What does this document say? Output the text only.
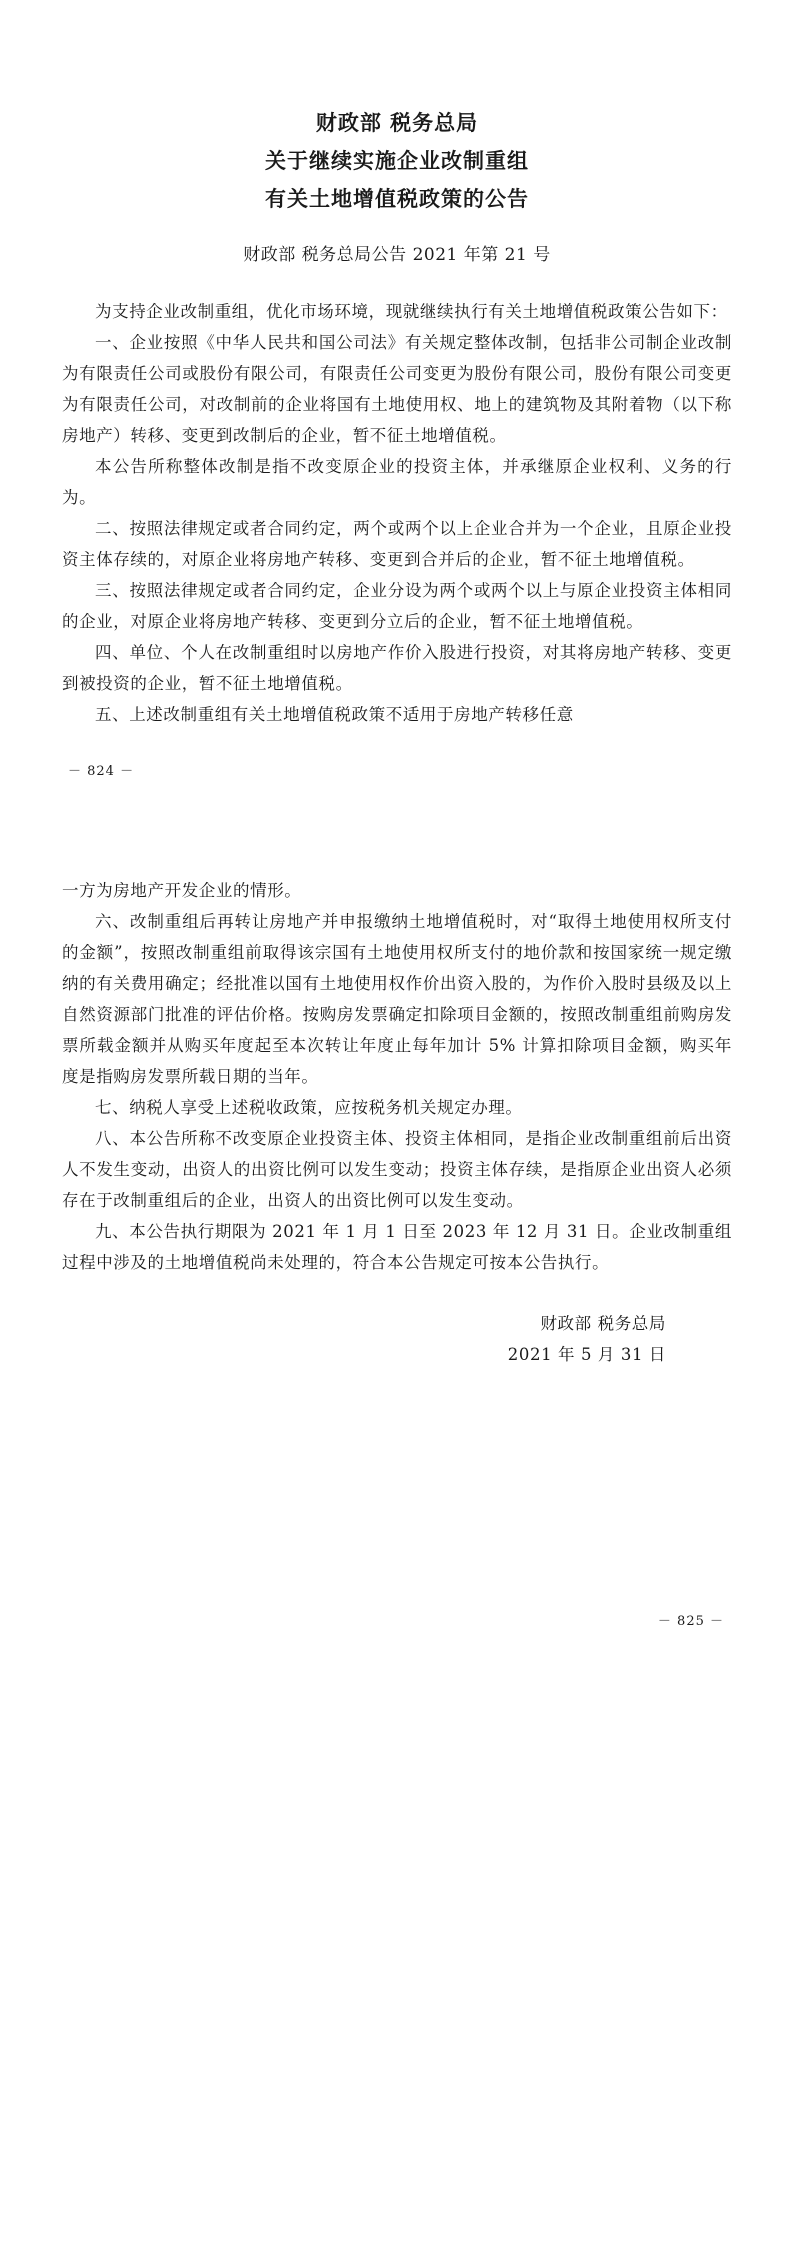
财政部 税务总局
关于继续实施企业改制重组
有关土地增值税政策的公告
财政部 税务总局公告 2021 年第 21 号

为支持企业改制重组，优化市场环境，现就继续执行有关土地增值税政策公告如下：

一、企业按照《中华人民共和国公司法》有关规定整体改制，包括非公司制企业改制为有限责任公司或股份有限公司，有限责任公司变更为股份有限公司，股份有限公司变更为有限责任公司，对改制前的企业将国有土地使用权、地上的建筑物及其附着物（以下称房地产）转移、变更到改制后的企业，暂不征土地增值税。

本公告所称整体改制是指不改变原企业的投资主体，并承继原企业权利、义务的行为。

二、按照法律规定或者合同约定，两个或两个以上企业合并为一个企业，且原企业投资主体存续的，对原企业将房地产转移、变更到合并后的企业，暂不征土地增值税。

三、按照法律规定或者合同约定，企业分设为两个或两个以上与原企业投资主体相同的企业，对原企业将房地产转移、变更到分立后的企业，暂不征土地增值税。

四、单位、个人在改制重组时以房地产作价入股进行投资，对其将房地产转移、变更到被投资的企业，暂不征土地增值税。

五、上述改制重组有关土地增值税政策不适用于房地产转移任意

－ 824 －

一方为房地产开发企业的情形。

六、改制重组后再转让房地产并申报缴纳土地增值税时，对“取得土地使用权所支付的金额”，按照改制重组前取得该宗国有土地使用权所支付的地价款和按国家统一规定缴纳的有关费用确定；经批准以国有土地使用权作价出资入股的，为作价入股时县级及以上自然资源部门批准的评估价格。按购房发票确定扣除项目金额的，按照改制重组前购房发票所载金额并从购买年度起至本次转让年度止每年加计 5% 计算扣除项目金额，购买年度是指购房发票所载日期的当年。

七、纳税人享受上述税收政策，应按税务机关规定办理。

八、本公告所称不改变原企业投资主体、投资主体相同，是指企业改制重组前后出资人不发生变动，出资人的出资比例可以发生变动；投资主体存续，是指原企业出资人必须存在于改制重组后的企业，出资人的出资比例可以发生变动。

九、本公告执行期限为 2021 年 1 月 1 日至 2023 年 12 月 31 日。企业改制重组过程中涉及的土地增值税尚未处理的，符合本公告规定可按本公告执行。

财政部 税务总局
2021 年 5 月 31 日
－ 825 －
